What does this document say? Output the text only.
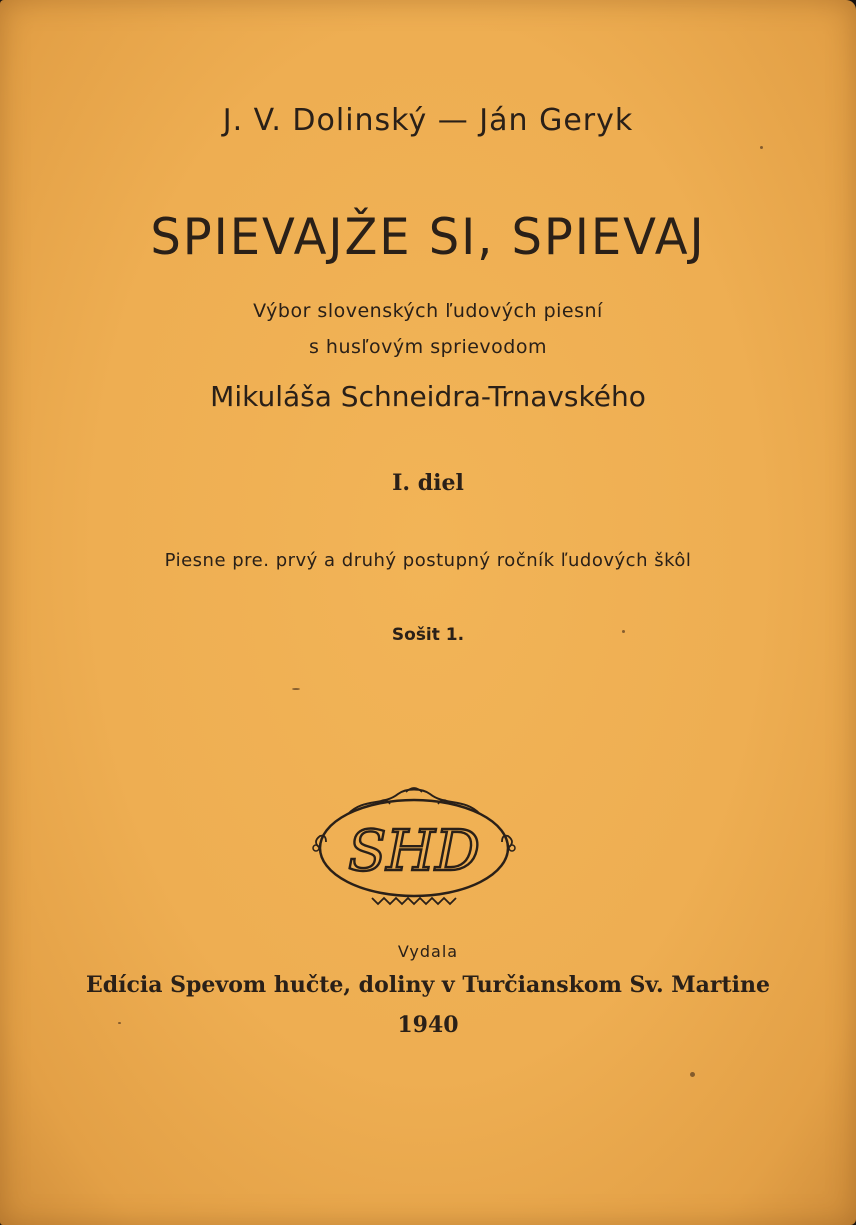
J. V. Dolinský — Ján Geryk
SPIEVAJŽE SI, SPIEVAJ
Výbor slovenských ľudových piesní
s husľovým sprievodom
Mikuláša Schneidra-Trnavského
I. diel
Piesne pre. prvý a druhý postupný ročník ľudových škôl
Sošit 1.
SHD
Vydala
Edícia Spevom hučte, doliny v Turčianskom Sv. Martine
1940
